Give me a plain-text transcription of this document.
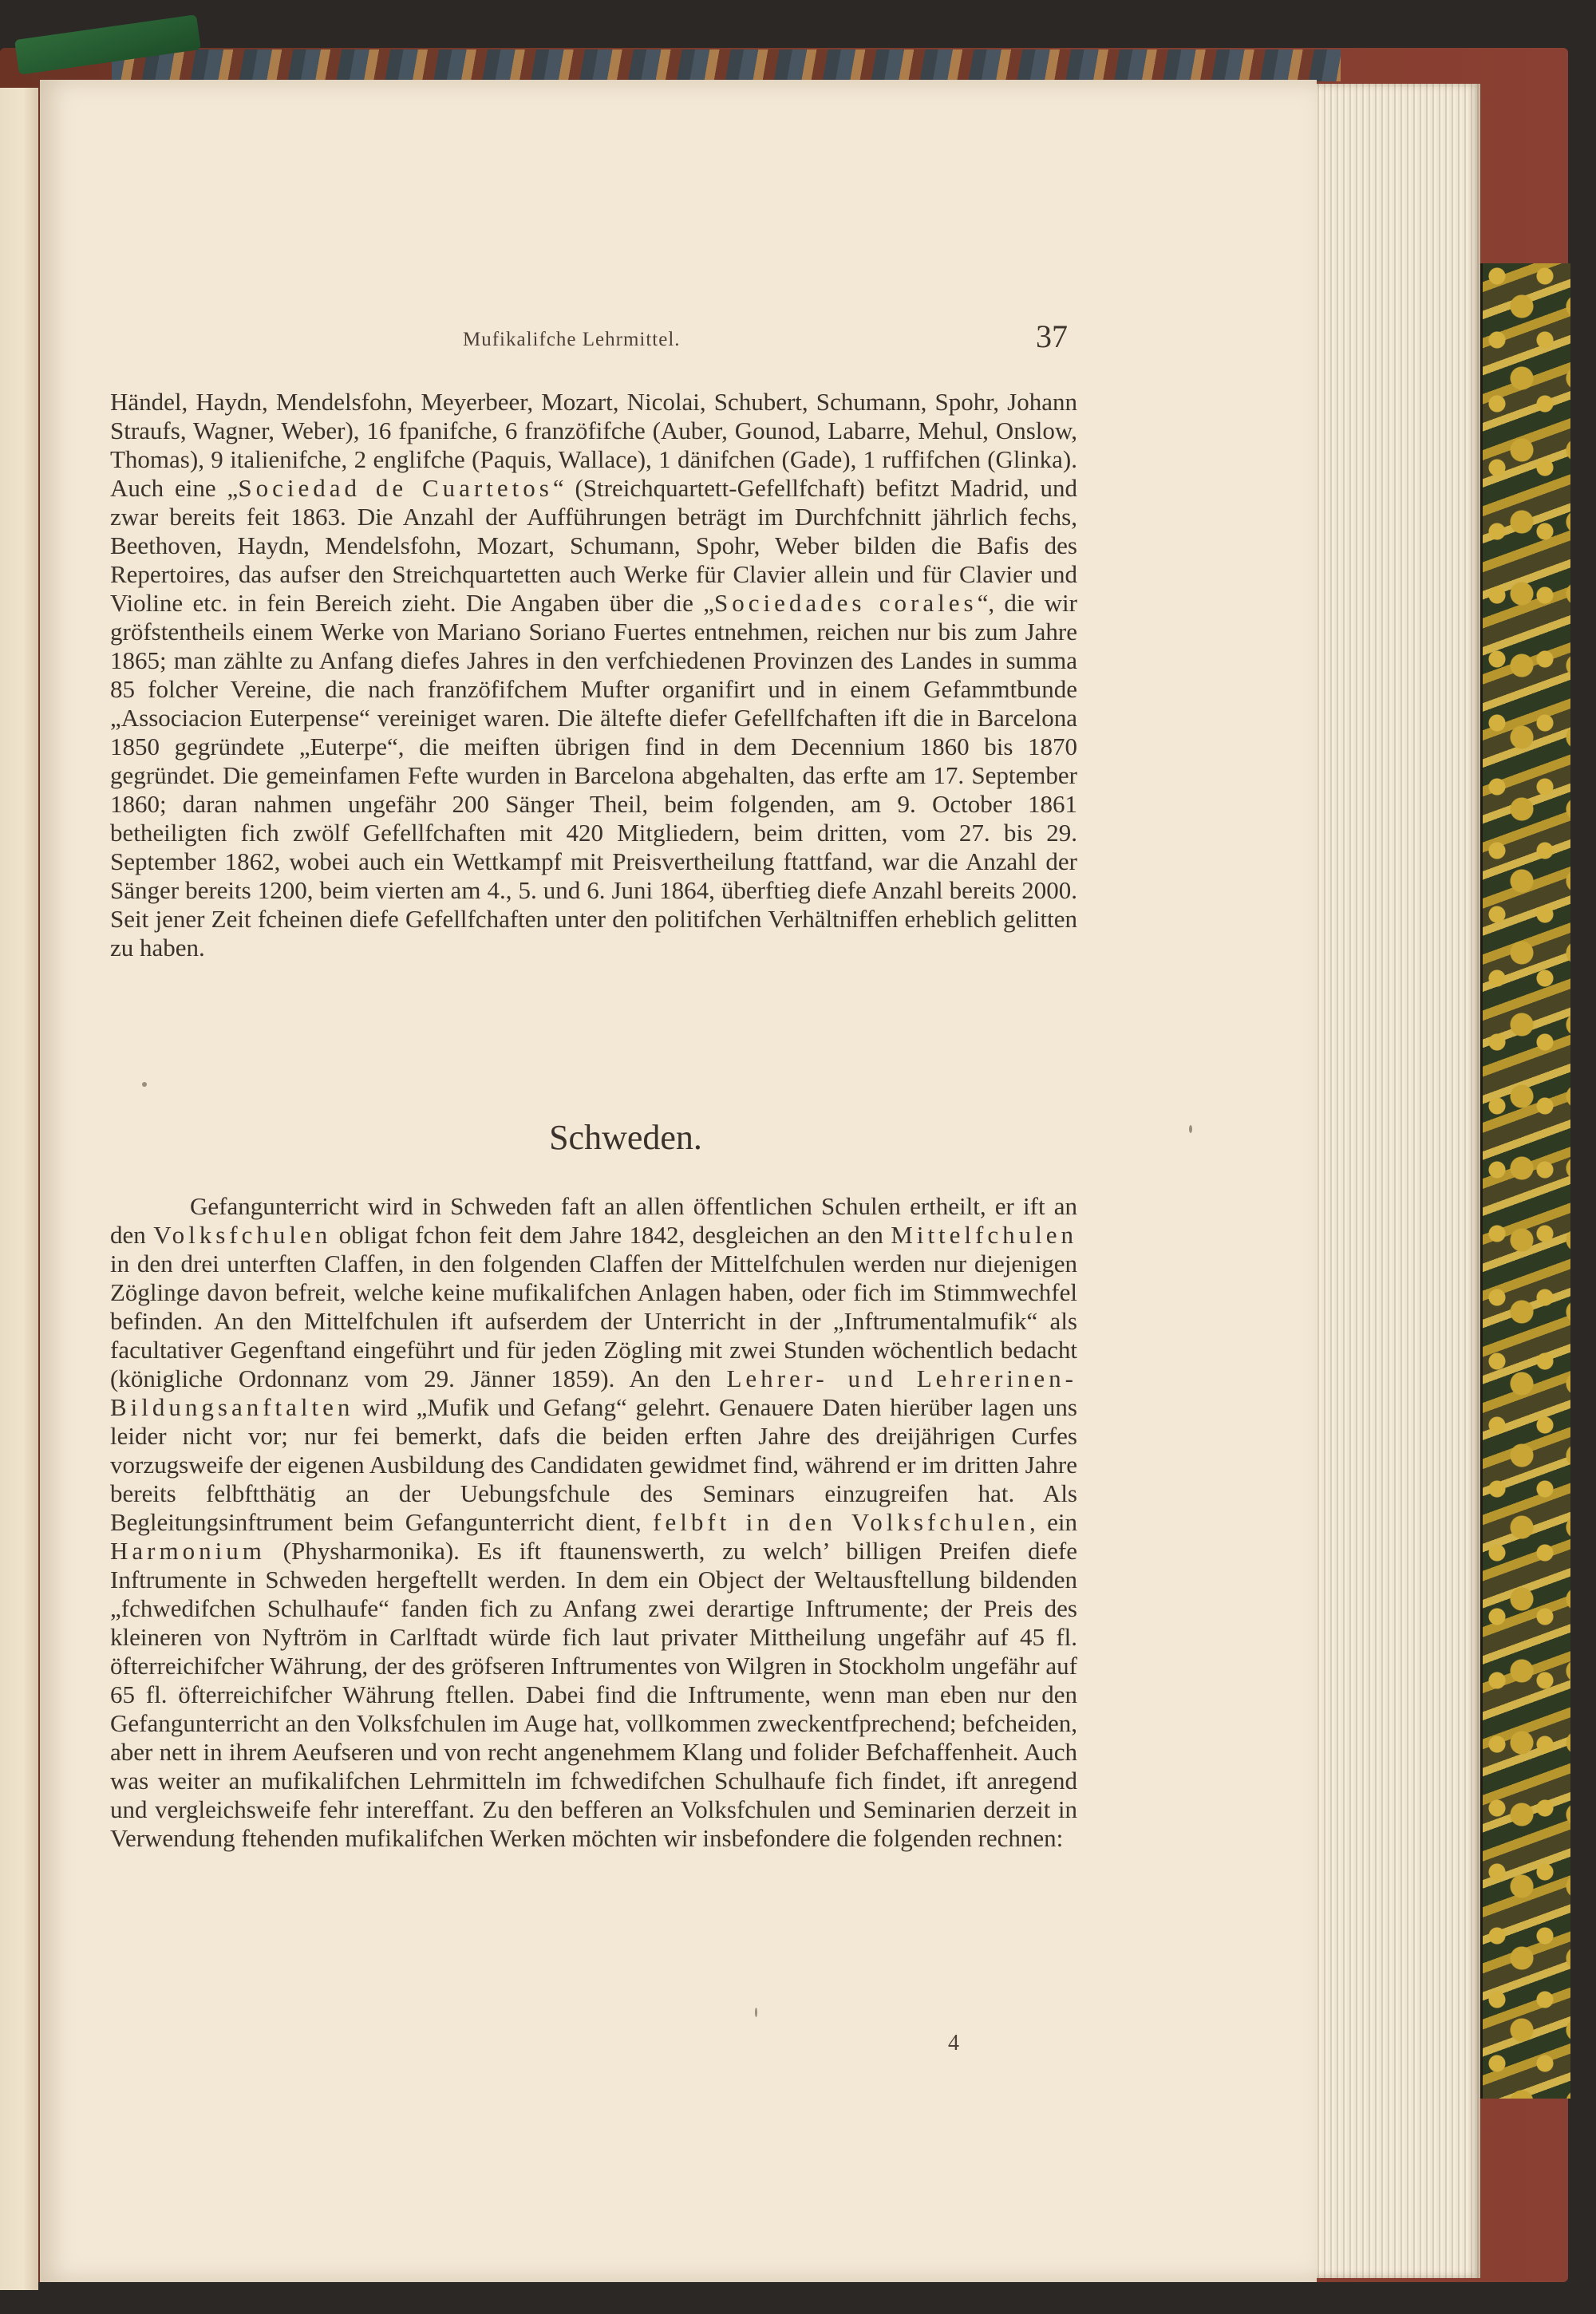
Mufikalifche Lehrmittel.	37
Händel, Haydn, Mendelsfohn, Meyerbeer, Mozart, Nicolai, Schubert, Schumann, Spohr, Johann Straufs, Wagner, Weber), 16 fpanifche, 6 franzöfifche (Auber, Gounod, Labarre, Mehul, Onslow, Thomas), 9 italienifche, 2 englifche (Paquis, Wallace), 1 dänifchen (Gade), 1 ruffifchen (Glinka). Auch eine „Sociedad de Cuartetos“ (Streichquartett-Gefellfchaft) befitzt Madrid, und zwar bereits feit 1863. Die Anzahl der Aufführungen beträgt im Durchfchnitt jährlich fechs, Beethoven, Haydn, Mendelsfohn, Mozart, Schumann, Spohr, Weber bilden die Bafis des Repertoires, das aufser den Streichquartetten auch Werke für Clavier allein und für Clavier und Violine etc. in fein Bereich zieht. Die Angaben über die „Sociedades corales“, die wir gröfstentheils einem Werke von Mariano Soriano Fuertes entnehmen, reichen nur bis zum Jahre 1865; man zählte zu Anfang diefes Jahres in den verfchiedenen Provinzen des Landes in summa 85 folcher Vereine, die nach franzöfifchem Mufter organifirt und in einem Gefammtbunde „Associacion Euterpense“ vereiniget waren. Die ältefte diefer Gefellfchaften ift die in Barcelona 1850 gegründete „Euterpe“, die meiften übrigen find in dem Decennium 1860 bis 1870 gegründet. Die gemeinfamen Fefte wurden in Barcelona abgehalten, das erfte am 17. September 1860; daran nahmen ungefähr 200 Sänger Theil, beim folgenden, am 9. October 1861 betheiligten fich zwölf Gefellfchaften mit 420 Mitgliedern, beim dritten, vom 27. bis 29. September 1862, wobei auch ein Wettkampf mit Preisvertheilung ftattfand, war die Anzahl der Sänger bereits 1200, beim vierten am 4., 5. und 6. Juni 1864, überftieg diefe Anzahl bereits 2000. Seit jener Zeit fcheinen diefe Gefellfchaften unter den politifchen Verhältniffen erheblich gelitten zu haben.
Schweden.
Gefangunterricht wird in Schweden faft an allen öffentlichen Schulen ertheilt, er ift an den Volksfchulen obligat fchon feit dem Jahre 1842, desgleichen an den Mittelfchulen in den drei unterften Claffen, in den folgenden Claffen der Mittelfchulen werden nur diejenigen Zöglinge davon befreit, welche keine mufikalifchen Anlagen haben, oder fich im Stimmwechfel befinden. An den Mittelfchulen ift aufserdem der Unterricht in der „Inftrumentalmufik“ als facultativer Gegenftand eingeführt und für jeden Zögling mit zwei Stunden wöchentlich bedacht (königliche Ordonnanz vom 29. Jänner 1859). An den Lehrer- und Lehrerinen-Bildungsanftalten wird „Mufik und Gefang“ gelehrt. Genauere Daten hierüber lagen uns leider nicht vor; nur fei bemerkt, dafs die beiden erften Jahre des dreijährigen Curfes vorzugsweife der eigenen Ausbildung des Candidaten gewidmet find, während er im dritten Jahre bereits felbftthätig an der Uebungsfchule des Seminars einzugreifen hat. Als Begleitungsinftrument beim Gefangunterricht dient, felbft in den Volksfchulen, ein Harmonium (Physharmonika). Es ift ftaunenswerth, zu welch’ billigen Preifen diefe Inftrumente in Schweden hergeftellt werden. In dem ein Object der Weltausftellung bildenden „fchwedifchen Schulhaufe“ fanden fich zu Anfang zwei derartige Inftrumente; der Preis des kleineren von Nyftröm in Carlftadt würde fich laut privater Mittheilung ungefähr auf 45 fl. öfterreichifcher Währung, der des gröfseren Inftrumentes von Wilgren in Stockholm ungefähr auf 65 fl. öfterreichifcher Währung ftellen. Dabei find die Inftrumente, wenn man eben nur den Gefangunterricht an den Volksfchulen im Auge hat, vollkommen zweckentfprechend; befcheiden, aber nett in ihrem Aeufseren und von recht angenehmem Klang und folider Befchaffenheit. Auch was weiter an mufikalifchen Lehrmitteln im fchwedifchen Schulhaufe fich findet, ift anregend und vergleichsweife fehr intereffant. Zu den befferen an Volksfchulen und Seminarien derzeit in Verwendung ftehenden mufikalifchen Werken möchten wir insbefondere die folgenden rechnen:
4
